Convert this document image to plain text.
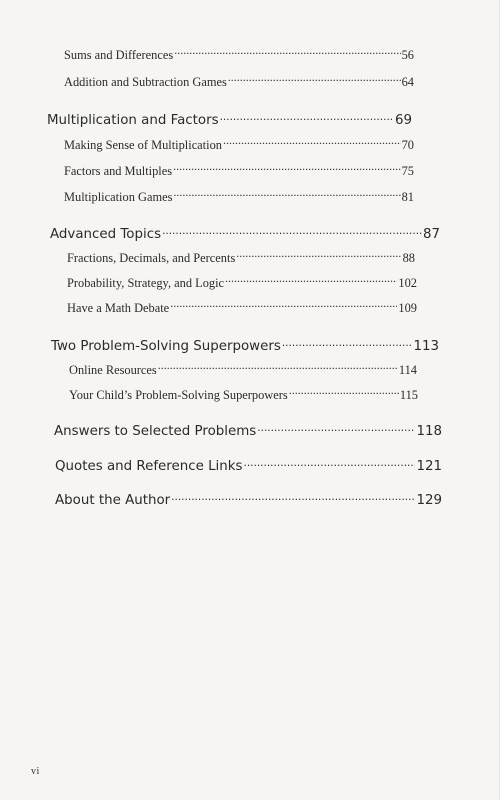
Sums and Differences .....	56
Addition and Subtraction Games .....	64
Multiplication and Factors .....	69
Making Sense of Multiplication .....	70
Factors and Multiples .....	75
Multiplication Games .....	81
Advanced Topics .....	87
Fractions, Decimals, and Percents .....	88
Probability, Strategy, and Logic .....	102
Have a Math Debate .....	109
Two Problem-Solving Superpowers .....	113
Online Resources .....	114
Your Child’s Problem-Solving Superpowers .....	115
Answers to Selected Problems .....	118
Quotes and Reference Links .....	121
About the Author .....	129
vi
